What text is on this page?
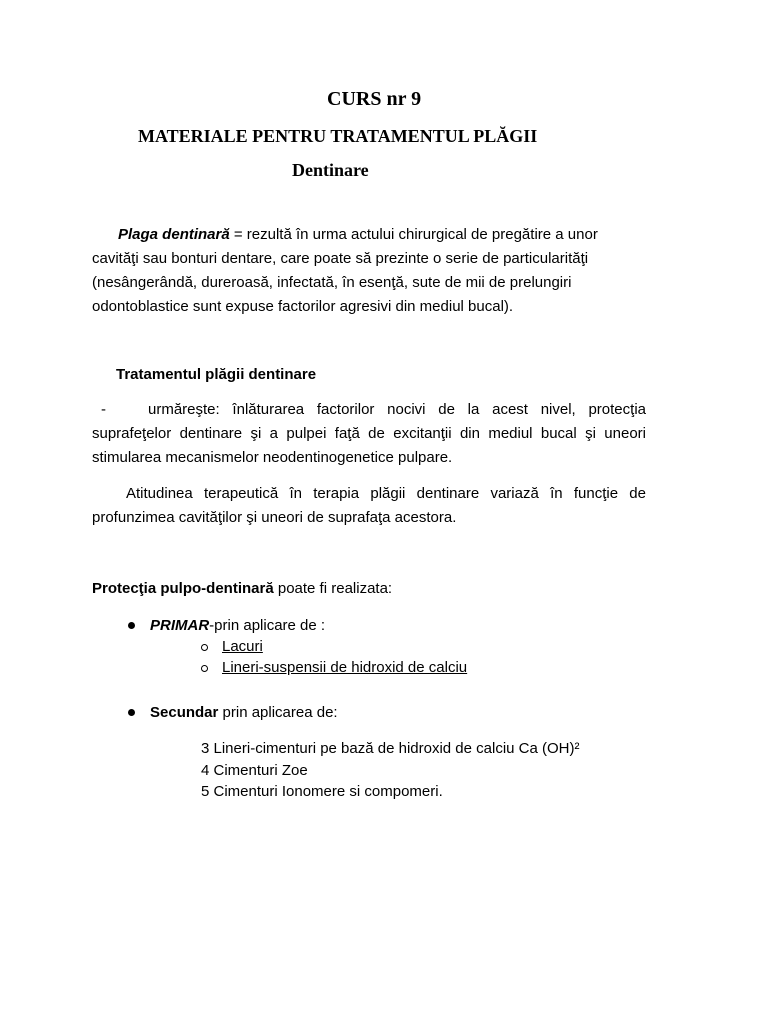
CURS nr 9
MATERIALE PENTRU TRATAMENTUL PLĂGII
Dentinare
Plaga dentinară = rezultă în urma actului chirurgical de pregătire a unor
cavităţi sau bonturi dentare, care poate să prezinte o serie de particularităţi
(nesângerândă, dureroasă, infectată, în esenţă, sute de mii de prelungiri
odontoblastice sunt expuse factorilor agresivi din mediul bucal).
Tratamentul plăgii dentinare
-	urmăreşte: înlăturarea factorilor nocivi de la acest nivel, protecţia
suprafeţelor dentinare şi a pulpei faţă de excitanţii din mediul bucal şi uneori
stimularea mecanismelor neodentinogenetice pulpare.
Atitudinea terapeutică în terapia plăgii dentinare variază în funcţie de
profunzimea cavităţilor şi uneori de suprafaţa acestora.
Protecţia pulpo-dentinară poate fi realizata:
PRIMAR-prin aplicare de :
Lacuri
Lineri-suspensii de hidroxid de calciu
Secundar prin aplicarea de:
3 Lineri-cimenturi pe bază de hidroxid de calciu Ca (OH)²
4 Cimenturi Zoe
5 Cimenturi Ionomere si compomeri.
